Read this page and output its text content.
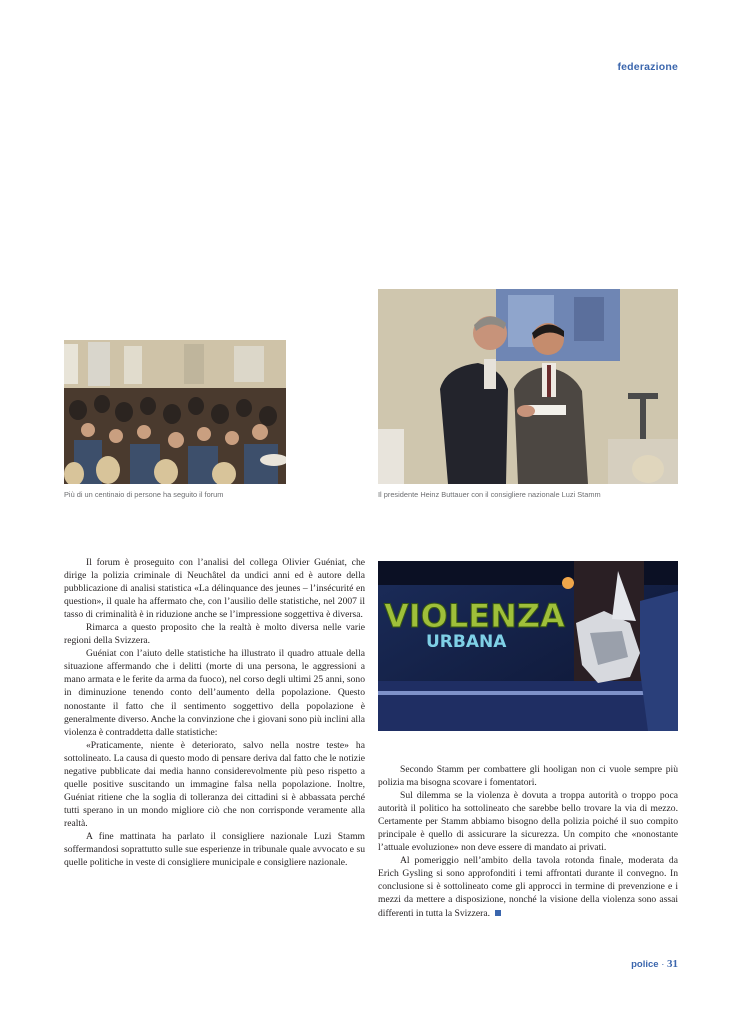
federazione
Più di un centinaio di persone ha seguito il forum	Il presidente Heinz Buttauer con il consigliere nazionale Luzi Stamm

Il forum è proseguito con l’analisi del collega Olivier Guéniat, che dirige la polizia criminale di Neuchâtel da undici anni ed è autore della pubblicazione di analisi statistica «La délinquance des jeunes – l’insécurité en question», il quale ha affermato che, con l’ausilio delle statistiche, nel 2007 il tasso di criminalità è in riduzione anche se l’impressione soggettiva è diversa.

Rimarca a questo proposito che la realtà è molto diversa nelle varie regioni della Svizzera.

Guéniat con l’aiuto delle statistiche ha illustrato il quadro attuale della situazione affermando che i delitti (morte di una persona, le aggressioni a mano armata e le ferite da arma da fuoco), nel corso degli ultimi 25 anni, sono in diminuzione tenendo conto dell’aumento della popolazione. Questo nonostante il fatto che il sentimento soggettivo della popolazione è generalmente diverso. Anche la convinzione che i giovani sono più inclini alla violenza è contraddetta dalle statistiche:

«Praticamente, niente è deteriorato, salvo nella nostre teste» ha sottolineato. La causa di questo modo di pensare deriva dal fatto che le notizie negative pubblicate dai media hanno considerevolmente più peso rispetto a quelle positive suscitando un immagine falsa nella popolazione. Inoltre, Guéniat ritiene che la soglia di tolleranza dei cittadini si è abbassata perché tutti sperano in un mondo migliore ciò che non corrisponde veramente alla realtà.

A fine mattinata ha parlato il consigliere nazionale Luzi Stamm soffermandosi soprattutto sulle sue esperienze in tribunale quale avvocato e su quelle politiche in veste di consigliere municipale e consigliere nazionale.

VIOLENZA
URBANA

Secondo Stamm per combattere gli hooligan non ci vuole sempre più polizia ma bisogna scovare i fomentatori.

Sul dilemma se la violenza è dovuta a troppa autorità o troppo poca autorità il politico ha sottolineato che sarebbe bello trovare la via di mezzo. Certamente per Stamm abbiamo bisogno della polizia poiché il suo compito principale è quello di assicurare la sicurezza. Un compito che «nonostante l’attuale evoluzione» non deve essere di mandato ai privati.

Al pomeriggio nell’ambito della tavola rotonda finale, moderata da Erich Gysling si sono approfonditi i temi affrontati durante il convegno. In conclusione si è sottolineato come gli approcci in termine di prevenzione e i mezzi da mettere a disposizione, nonché la visione della violenza sono assai differenti in tutta la Svizzera.

police · 31
